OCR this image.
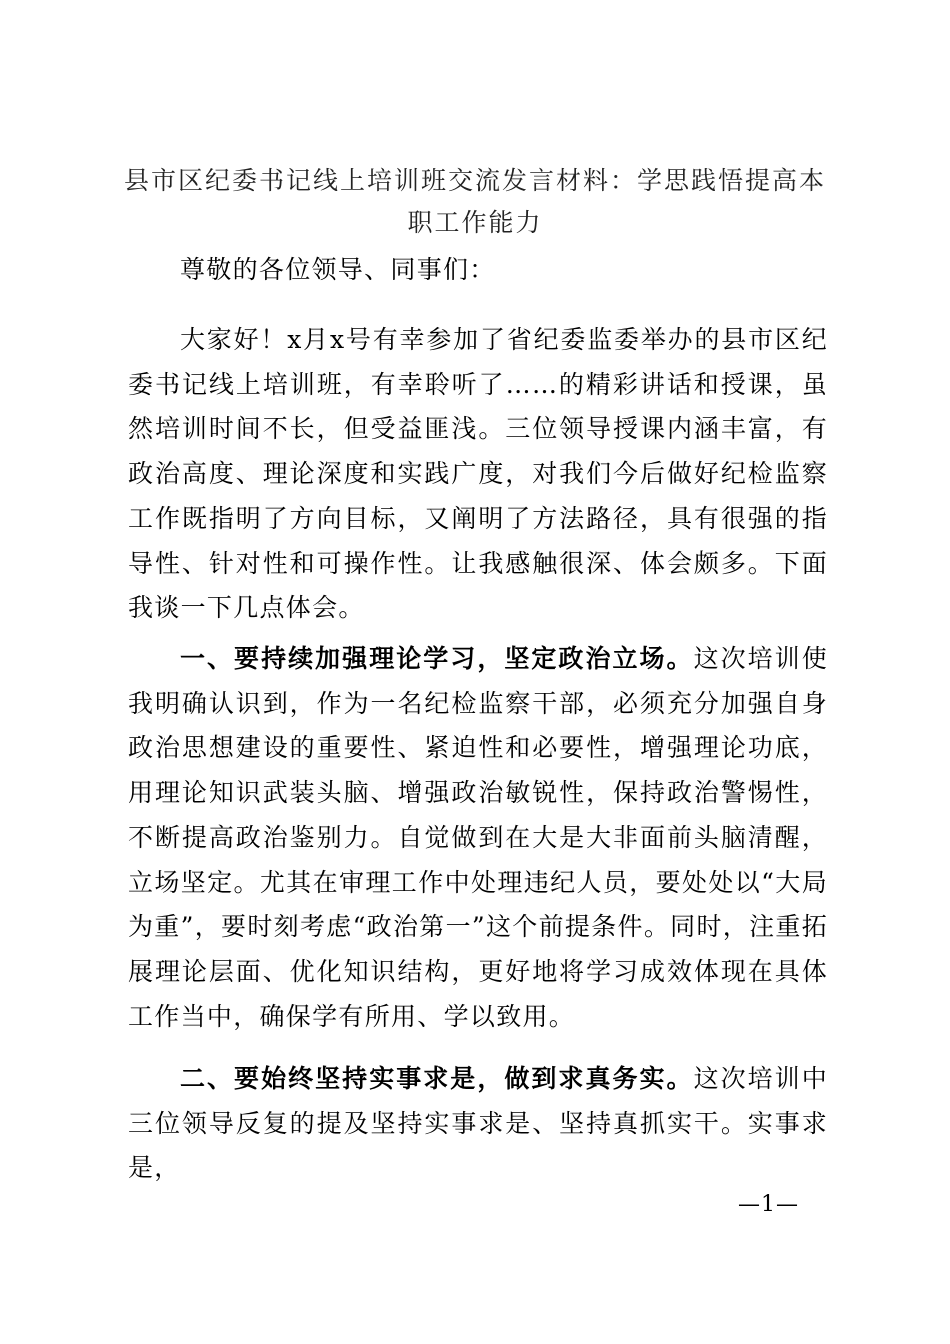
县市区纪委书记线上培训班交流发言材料：学思践悟提高本职工作能力

尊敬的各位领导、同事们：

大家好！x月x号有幸参加了省纪委监委举办的县市区纪委书记线上培训班，有幸聆听了……的精彩讲话和授课，虽然培训时间不长，但受益匪浅。三位领导授课内涵丰富，有政治高度、理论深度和实践广度，对我们今后做好纪检监察工作既指明了方向目标，又阐明了方法路径，具有很强的指导性、针对性和可操作性。让我感触很深、体会颇多。下面我谈一下几点体会。

一、要持续加强理论学习，坚定政治立场。这次培训使我明确认识到，作为一名纪检监察干部，必须充分加强自身政治思想建设的重要性、紧迫性和必要性，增强理论功底，用理论知识武装头脑、增强政治敏锐性，保持政治警惕性，不断提高政治鉴别力。自觉做到在大是大非面前头脑清醒，立场坚定。尤其在审理工作中处理违纪人员，要处处以“大局为重”，要时刻考虑“政治第一”这个前提条件。同时，注重拓展理论层面、优化知识结构，更好地将学习成效体现在具体工作当中，确保学有所用、学以致用。

二、要始终坚持实事求是，做到求真务实。这次培训中三位领导反复的提及坚持实事求是、坚持真抓实干。实事求是，

—1—
